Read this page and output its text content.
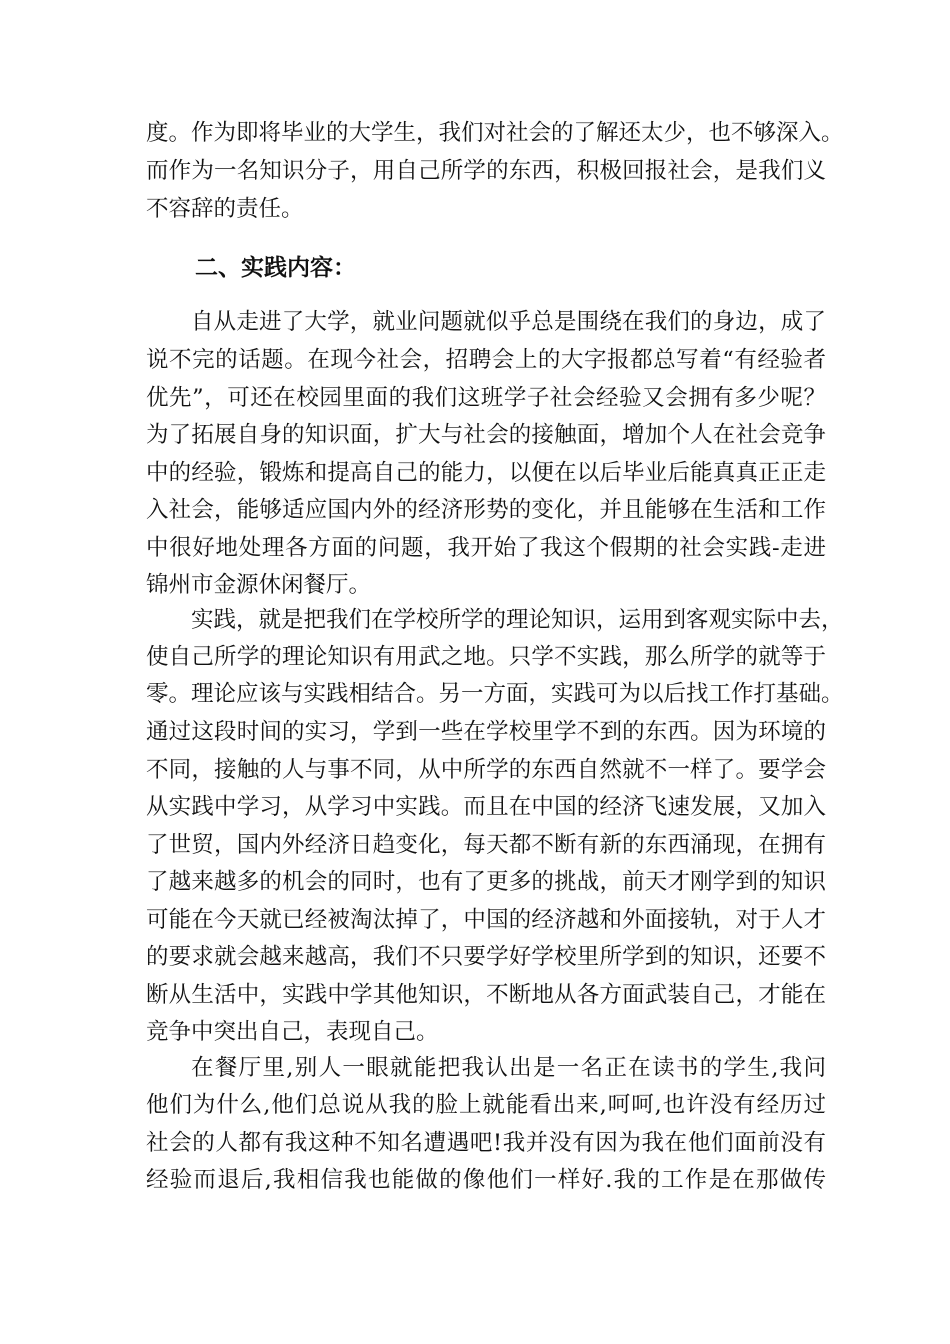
度。作为即将毕业的大学生，我们对社会的了解还太少，也不够深入。
而作为一名知识分子，用自己所学的东西，积极回报社会，是我们义
不容辞的责任。
二、实践内容：
自从走进了大学，就业问题就似乎总是围绕在我们的身边，成了
说不完的话题。在现今社会，招聘会上的大字报都总写着“有经验者
优先”，可还在校园里面的我们这班学子社会经验又会拥有多少呢？
为了拓展自身的知识面，扩大与社会的接触面，增加个人在社会竞争
中的经验，锻炼和提高自己的能力，以便在以后毕业后能真真正正走
入社会，能够适应国内外的经济形势的变化，并且能够在生活和工作
中很好地处理各方面的问题，我开始了我这个假期的社会实践-走进
锦州市金源休闲餐厅。
实践，就是把我们在学校所学的理论知识，运用到客观实际中去，
使自己所学的理论知识有用武之地。只学不实践，那么所学的就等于
零。理论应该与实践相结合。另一方面，实践可为以后找工作打基础。
通过这段时间的实习，学到一些在学校里学不到的东西。因为环境的
不同，接触的人与事不同，从中所学的东西自然就不一样了。要学会
从实践中学习，从学习中实践。而且在中国的经济飞速发展，又加入
了世贸，国内外经济日趋变化，每天都不断有新的东西涌现，在拥有
了越来越多的机会的同时，也有了更多的挑战，前天才刚学到的知识
可能在今天就已经被淘汰掉了，中国的经济越和外面接轨，对于人才
的要求就会越来越高，我们不只要学好学校里所学到的知识，还要不
断从生活中，实践中学其他知识，不断地从各方面武装自己，才能在
竞争中突出自己，表现自己。
在餐厅里,别人一眼就能把我认出是一名正在读书的学生,我问
他们为什么,他们总说从我的脸上就能看出来,呵呵,也许没有经历过
社会的人都有我这种不知名遭遇吧!我并没有因为我在他们面前没有
经验而退后,我相信我也能做的像他们一样好.我的工作是在那做传
